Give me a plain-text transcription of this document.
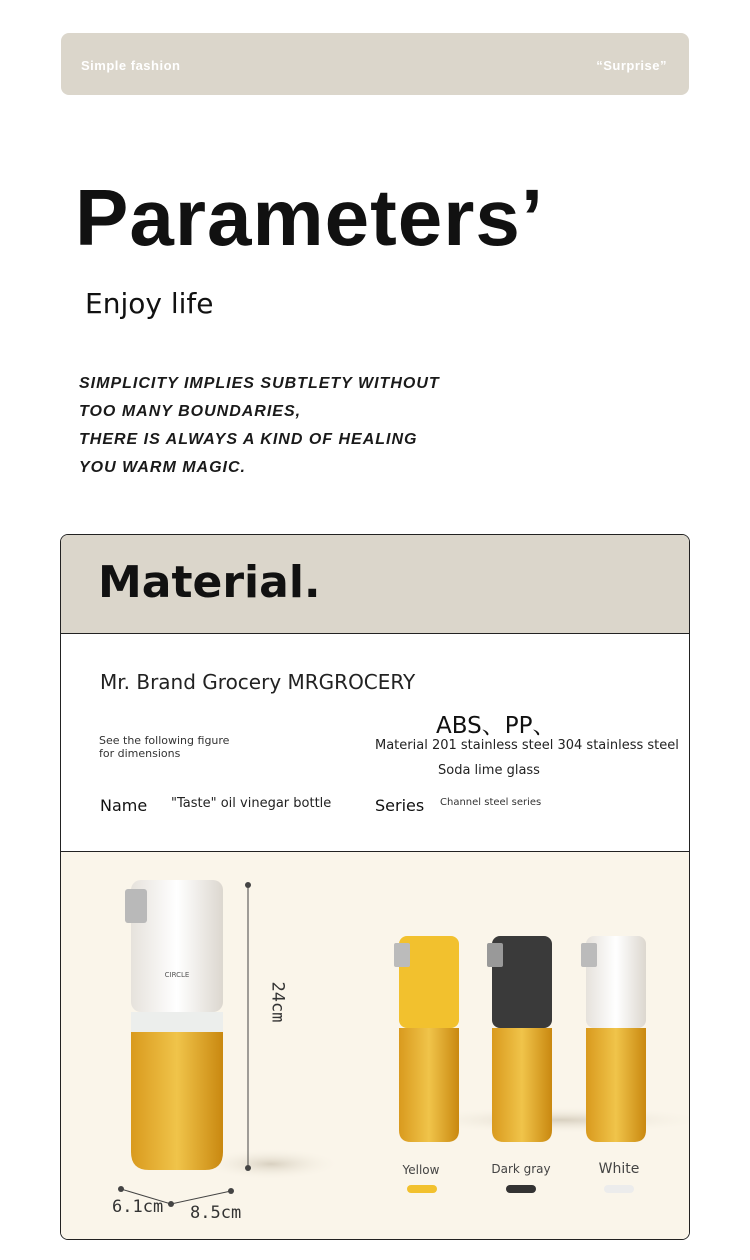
Simple fashion	“Surprise”
Parameters’
Enjoy life
SIMPLICITY IMPLIES SUBTLETY WITHOUT
TOO MANY BOUNDARIES,
THERE IS ALWAYS A KIND OF HEALING
YOU WARM MAGIC.
Material.
Mr. Brand Grocery MRGROCERY
See the following figure
for dimensions
ABS、PP、
Material 201 stainless steel 304 stainless steel
Soda lime glass
Name "Taste" oil vinegar bottle	Series Channel steel series
CIRCLE
24cm
6.1cm 8.5cm
Yellow	Dark gray	White
